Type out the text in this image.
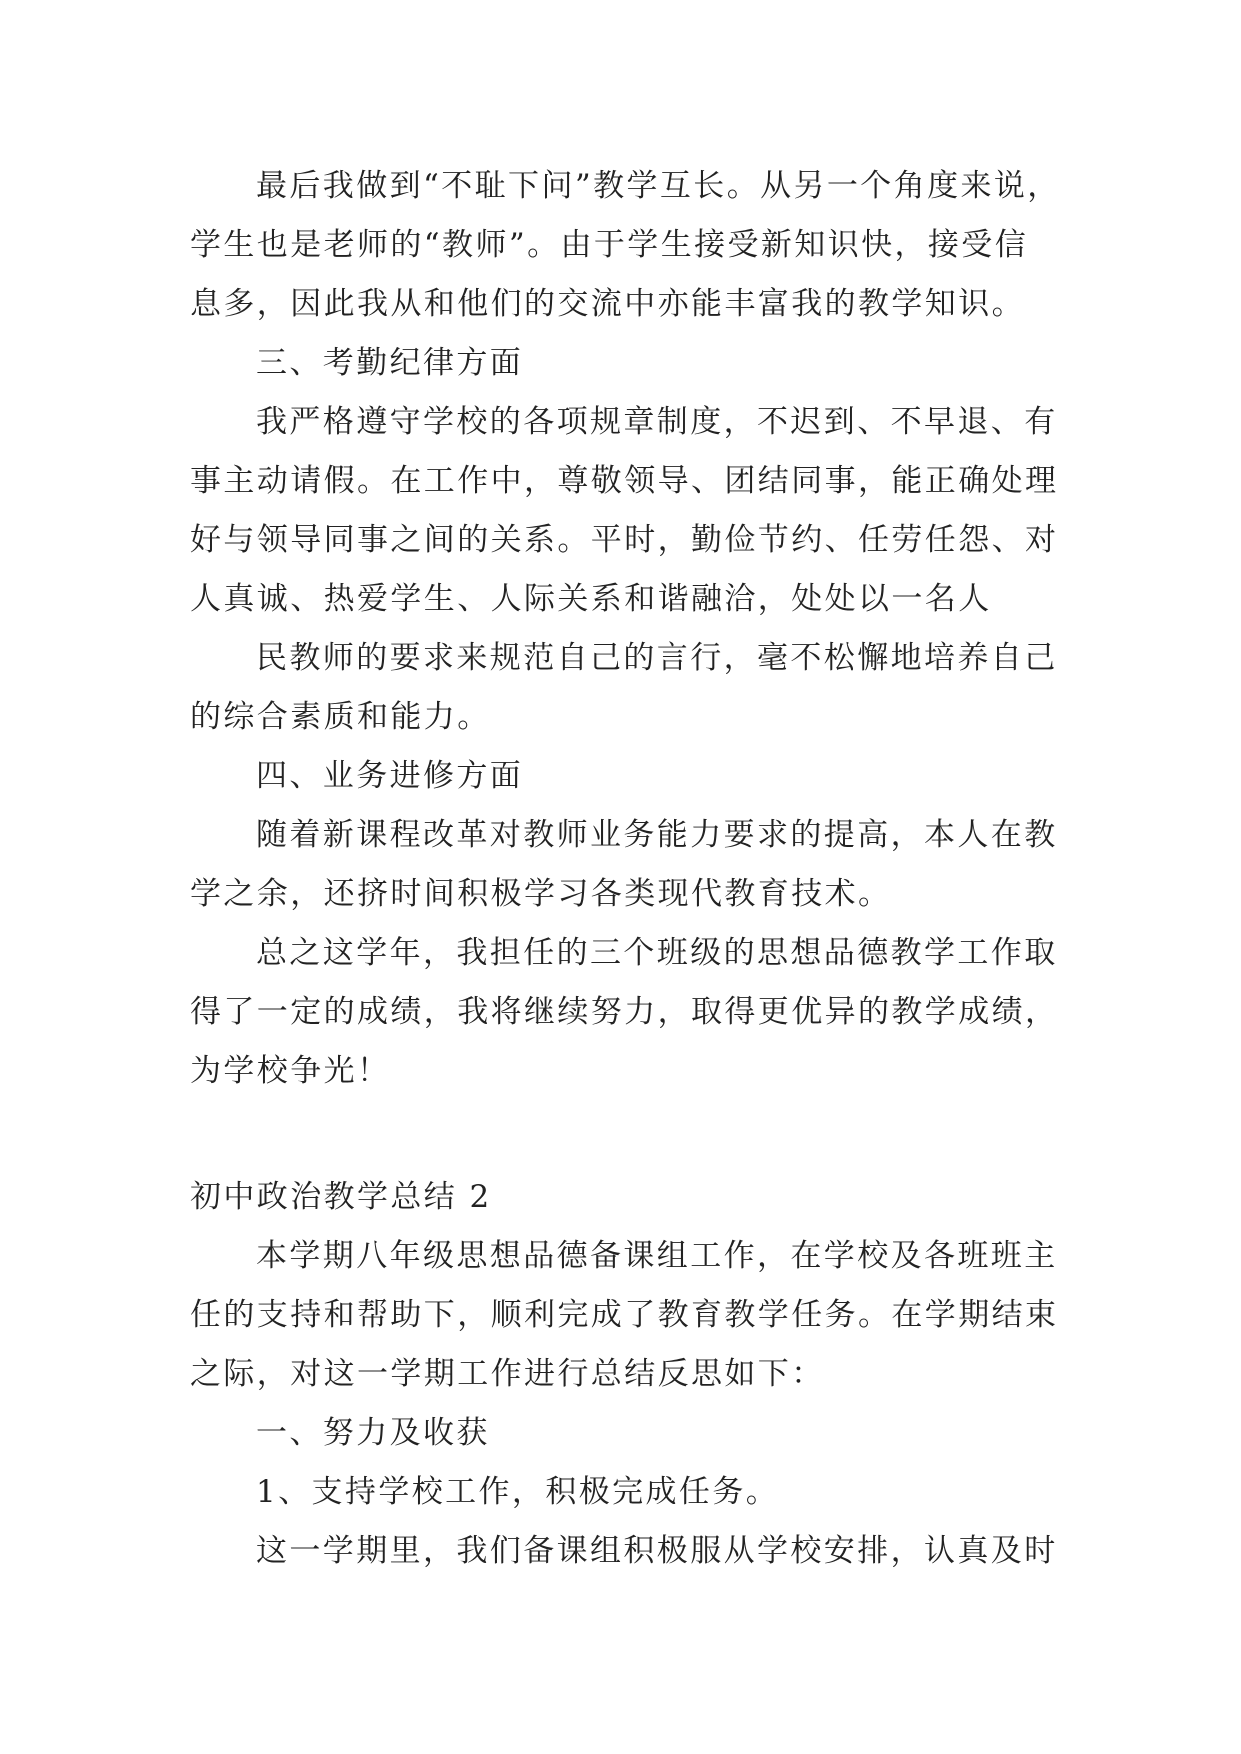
最后我做到“不耻下问”教学互长。从另一个角度来说，
学生也是老师的“教师”。由于学生接受新知识快，接受信
息多，因此我从和他们的交流中亦能丰富我的教学知识。
三、考勤纪律方面
我严格遵守学校的各项规章制度，不迟到、不早退、有
事主动请假。在工作中，尊敬领导、团结同事，能正确处理
好与领导同事之间的关系。平时，勤俭节约、任劳任怨、对
人真诚、热爱学生、人际关系和谐融洽，处处以一名人
民教师的要求来规范自己的言行，毫不松懈地培养自己
的综合素质和能力。
四、业务进修方面
随着新课程改革对教师业务能力要求的提高，本人在教
学之余，还挤时间积极学习各类现代教育技术。
总之这学年，我担任的三个班级的思想品德教学工作取
得了一定的成绩，我将继续努力，取得更优异的教学成绩，
为学校争光！
初中政治教学总结 2
本学期八年级思想品德备课组工作，在学校及各班班主
任的支持和帮助下，顺利完成了教育教学任务。在学期结束
之际，对这一学期工作进行总结反思如下：
一、努力及收获
1、支持学校工作，积极完成任务。
这一学期里，我们备课组积极服从学校安排，认真及时
